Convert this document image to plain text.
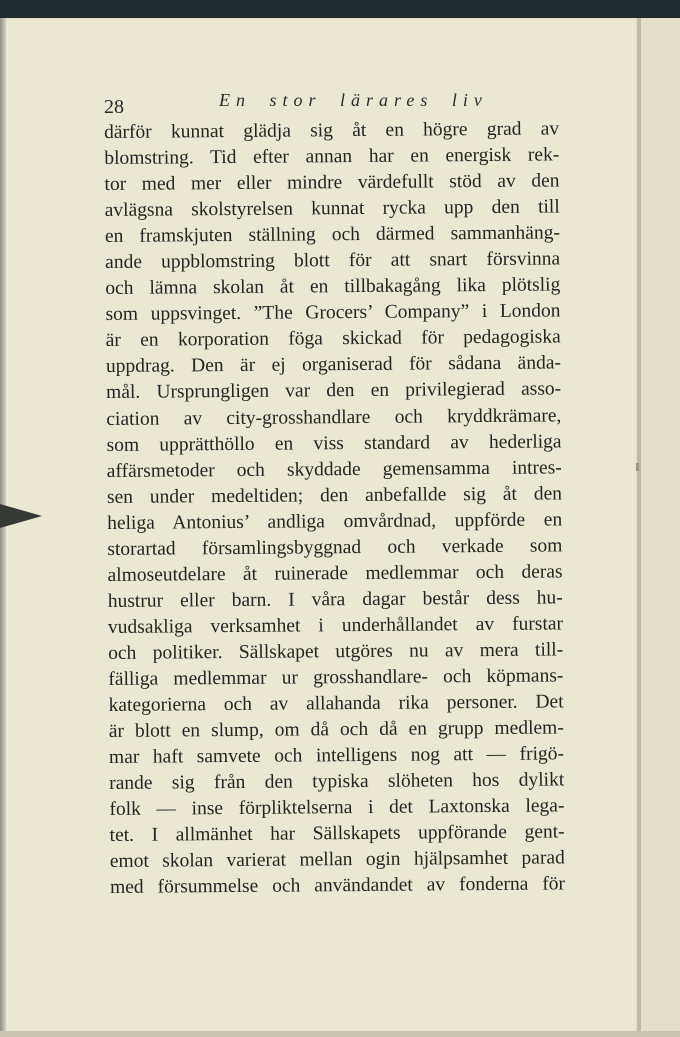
28	En stor lärares liv
därför kunnat glädja sig åt en högre grad av
blomstring. Tid efter annan har en energisk rek-
tor med mer eller mindre värdefullt stöd av den
avlägsna skolstyrelsen kunnat rycka upp den till
en framskjuten ställning och därmed sammanhäng-
ande uppblomstring blott för att snart försvinna
och lämna skolan åt en tillbakagång lika plötslig
som uppsvinget. ”The Grocers’ Company” i London
är en korporation föga skickad för pedagogiska
uppdrag. Den är ej organiserad för sådana ända-
mål. Ursprungligen var den en privilegierad asso-
ciation av city-grosshandlare och kryddkrämare,
som upprätthöllo en viss standard av hederliga
affärsmetoder och skyddade gemensamma intres-
sen under medeltiden; den anbefallde sig åt den
heliga Antonius’ andliga omvårdnad, uppförde en
storartad församlingsbyggnad och verkade som
almoseutdelare åt ruinerade medlemmar och deras
hustrur eller barn. I våra dagar består dess hu-
vudsakliga verksamhet i underhållandet av furstar
och politiker. Sällskapet utgöres nu av mera till-
fälliga medlemmar ur grosshandlare- och köpmans-
kategorierna och av allahanda rika personer. Det
är blott en slump, om då och då en grupp medlem-
mar haft samvete och intelligens nog att — frigö-
rande sig från den typiska slöheten hos dylikt
folk — inse förpliktelserna i det Laxtonska lega-
tet. I allmänhet har Sällskapets uppförande gent-
emot skolan varierat mellan ogin hjälpsamhet parad
med försummelse och användandet av fonderna för
